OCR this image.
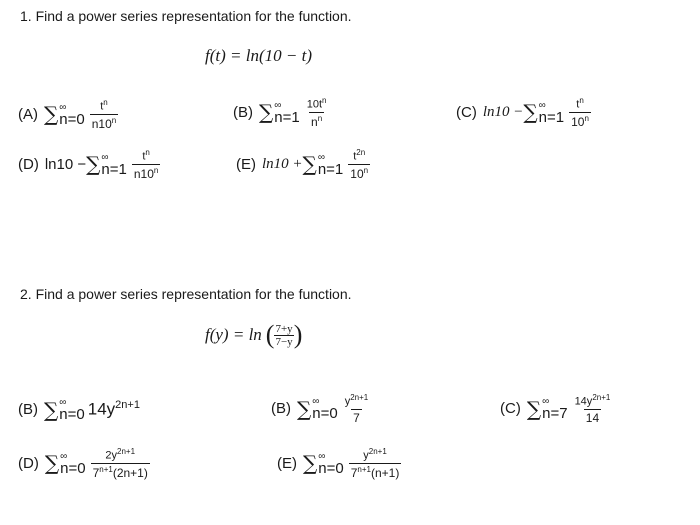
1. Find a power series representation for the function.
f(t) = ln(10 − t)
(A) ∑ ∞
$n=0 \frac{t^n}{n10^n}$	(B) ∑ ∞
$n=1 \frac{10t^n}{n^n}$	(C) ln10 − ∑ ∞
$n=1 \frac{t^n}{10^n}$
(D) ln10 − ∑ ∞
$n=1 \frac{t^n}{n10^n}$	(E) ln10 + ∑ ∞
$n=1 \frac{t^{2n}}{10^n}$
2. Find a power series representation for the function.
f(y) = ln ( $\frac{7+y}{7-y}$ )
(B) ∑ ∞
n=0 $14y^{2n+1}$	(B) ∑ ∞
$n=0 \frac{y^{2n+1}}{7}$	(C) ∑ ∞
$n=7 \frac{14y^{2n+1}}{14}$
(D) ∑ ∞
$n=0 \frac{2y^{2n+1}}{7^{n+1}(2n+1)}$	(E) ∑ ∞
$n=0 \frac{y^{2n+1}}{7^{n+1}(n+1)}$
